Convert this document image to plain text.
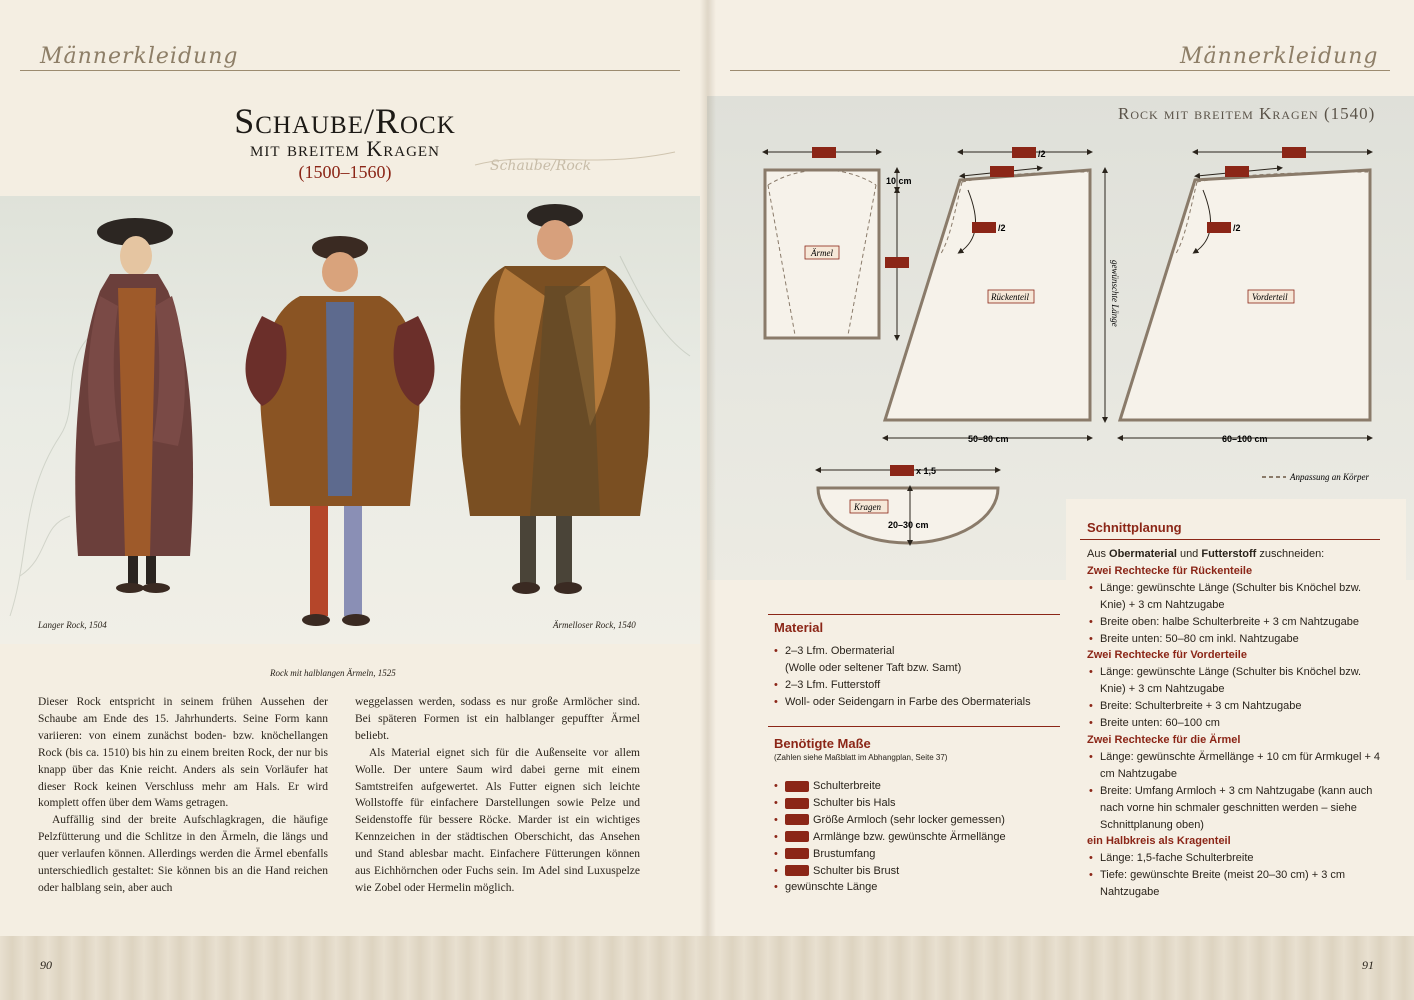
Männerkleidung	Männerkleidung
Schaube/Rock
mit breitem Kragen
(1500–1560)	Schaube/Rock
Langer Rock, 1504	Ärmelloser Rock, 1540
Rock mit halblangen Ärmeln, 1525

Dieser Rock entspricht in seinem frühen Aussehen der Schaube am Ende des 15. Jahrhunderts. Seine Form kann variieren: von einem zunächst boden- bzw. knöchellangen Rock (bis ca. 1510) bis hin zu einem breiten Rock, der nur bis knapp über das Knie reicht. Anders als sein Vorläufer hat dieser Rock keinen Verschluss mehr am Hals. Er wird komplett offen über dem Wams getragen.

Auffällig sind der breite Aufschlagkragen, die häufige Pelzfütterung und die Schlitze in den Ärmeln, die längs und quer verlaufen können. Allerdings werden die Ärmel ebenfalls unterschiedlich gestaltet: Sie können bis an die Hand reichen oder halblang sein, aber auch

weggelassen werden, sodass es nur große Armlöcher sind. Bei späteren Formen ist ein halblanger gepuffter Ärmel beliebt.

Als Material eignet sich für die Außenseite vor allem Wolle. Der untere Saum wird dabei gerne mit einem Samtstreifen aufgewertet. Als Futter eignen sich leichte Wollstoffe für einfachere Darstellungen sowie Pelze und Seidenstoffe für bessere Röcke. Marder ist ein wichtiges Kennzeichen in der städtischen Oberschicht, das Ansehen und Stand ablesbar macht. Einfachere Fütterungen können aus Eichhörnchen oder Fuchs sein. Im Adel sind Luxuspelze wie Zobel oder Hermelin möglich.

Rock mit breitem Kragen (1540)
10 cm
Ärmel
/2
/2
Rückenteil	gewünschte Länge
50–80 cm
/2
Vorderteil
60–100 cm
x 1,5
20–30 cm
Kragen
Anpassung an Körper
Material
• 2–3 Lfm. Obermaterial
(Wolle oder seltener Taft bzw. Samt)
• 2–3 Lfm. Futterstoff
• Woll- oder Seidengarn in Farbe des Obermaterials
Benötigte Maße
(Zahlen siehe Maßblatt im Abhangplan, Seite 37)
• Schulterbreite
• Schulter bis Hals
• Größe Armloch (sehr locker gemessen)
• Armlänge bzw. gewünschte Ärmellänge
• Brustumfang
• Schulter bis Brust
• gewünschte Länge
Schnittplanung
Aus Obermaterial und Futterstoff zuschneiden:
Zwei Rechtecke für Rückenteile
• Länge: gewünschte Länge (Schulter bis Knöchel bzw. Knie) + 3 cm Nahtzugabe
• Breite oben: halbe Schulterbreite + 3 cm Nahtzugabe
• Breite unten: 50–80 cm inkl. Nahtzugabe
Zwei Rechtecke für Vorderteile
• Länge: gewünschte Länge (Schulter bis Knöchel bzw. Knie) + 3 cm Nahtzugabe
• Breite: Schulterbreite + 3 cm Nahtzugabe
• Breite unten: 60–100 cm
Zwei Rechtecke für die Ärmel
• Länge: gewünschte Ärmellänge + 10 cm für Armkugel + 4 cm Nahtzugabe
• Breite: Umfang Armloch + 3 cm Nahtzugabe (kann auch nach vorne hin schmaler geschnitten werden – siehe Schnittplanung oben)
ein Halbkreis als Kragenteil
• Länge: 1,5-fache Schulterbreite
• Tiefe: gewünschte Breite (meist 20–30 cm) + 3 cm Nahtzugabe
90	91
